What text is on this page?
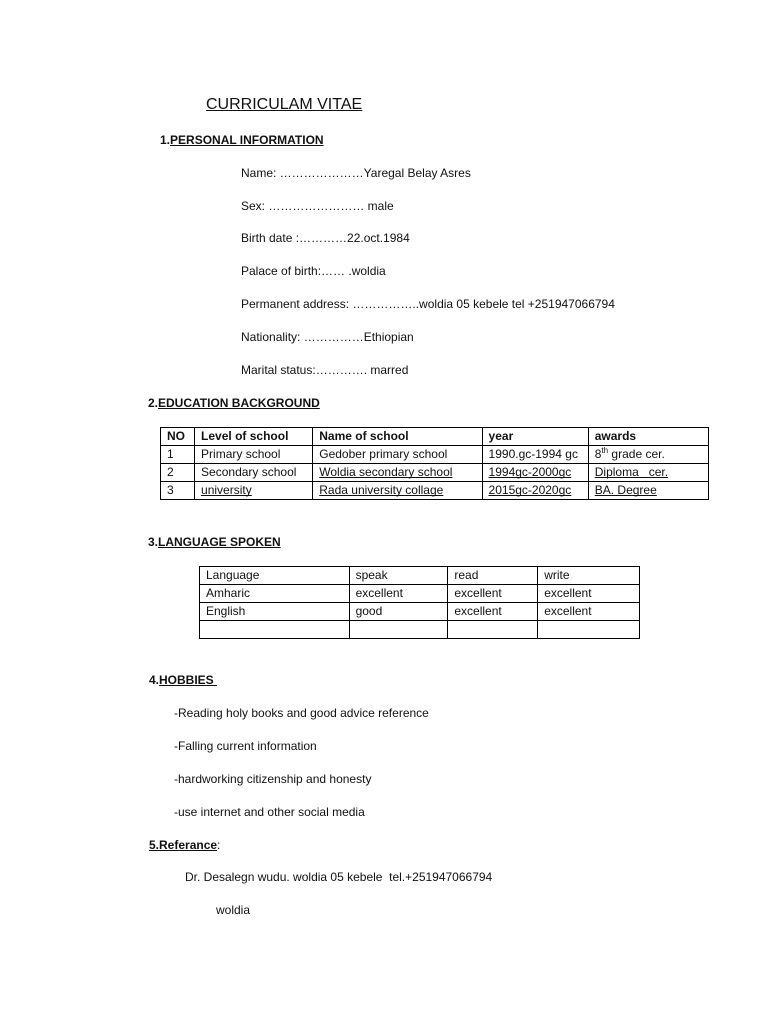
CURRICULAM VITAE
1.PERSONAL INFORMATION
Name: …………………Yaregal Belay Asres
Sex: …………………… male
Birth date :…………22.oct.1984
Palace of birth:…… .woldia
Permanent address: ……………..woldia 05 kebele tel +251947066794
Nationality: ……………Ethiopian
Marital status:…………. marred
2.EDUCATION BACKGROUND
NO	Level of school	Name of school	year	awards
1	Primary school	Gedober primary school	1990.gc-1994 gc	8th grade cer.
2	Secondary school	Woldia secondary school	1994gc-2000gc	Diploma   cer.
3	university	Rada university collage	2015gc-2020gc	BA. Degree
3.LANGUAGE SPOKEN
Language	speak	read	write
Amharic	excellent	excellent	excellent
English	good	excellent	excellent

4.HOBBIES
-Reading holy books and good advice reference
-Falling current information
-hardworking citizenship and honesty
-use internet and other social media
5.Referance:
Dr. Desalegn wudu. woldia 05 kebele  tel.+251947066794
woldia
